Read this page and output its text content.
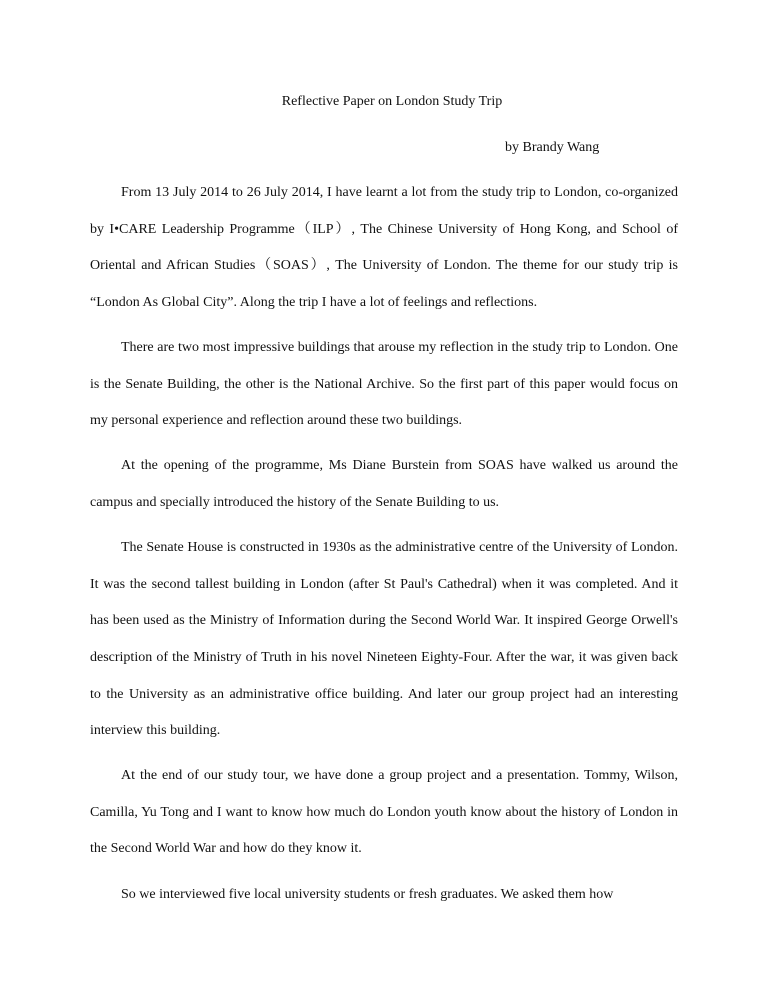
Reflective Paper on London Study Trip
by Brandy Wang

From 13 July 2014 to 26 July 2014, I have learnt a lot from the study trip to London, co-organized by I•CARE Leadership Programme（ILP）, The Chinese University of Hong Kong, and School of Oriental and African Studies（SOAS）, The University of London. The theme for our study trip is “London As Global City”. Along the trip I have a lot of feelings and reflections.

There are two most impressive buildings that arouse my reflection in the study trip to London. One is the Senate Building, the other is the National Archive. So the first part of this paper would focus on my personal experience and reflection around these two buildings.

At the opening of the programme, Ms Diane Burstein from SOAS have walked us around the campus and specially introduced the history of the Senate Building to us.

The Senate House is constructed in 1930s as the administrative centre of the University of London. It was the second tallest building in London (after St Paul's Cathedral) when it was completed. And it has been used as the Ministry of Information during the Second World War. It inspired George Orwell's description of the Ministry of Truth in his novel Nineteen Eighty-Four. After the war, it was given back to the University as an administrative office building. And later our group project had an interesting interview this building.

At the end of our study tour, we have done a group project and a presentation. Tommy, Wilson, Camilla, Yu Tong and I want to know how much do London youth know about the history of London in the Second World War and how do they know it.

So we interviewed five local university students or fresh graduates. We asked them how
